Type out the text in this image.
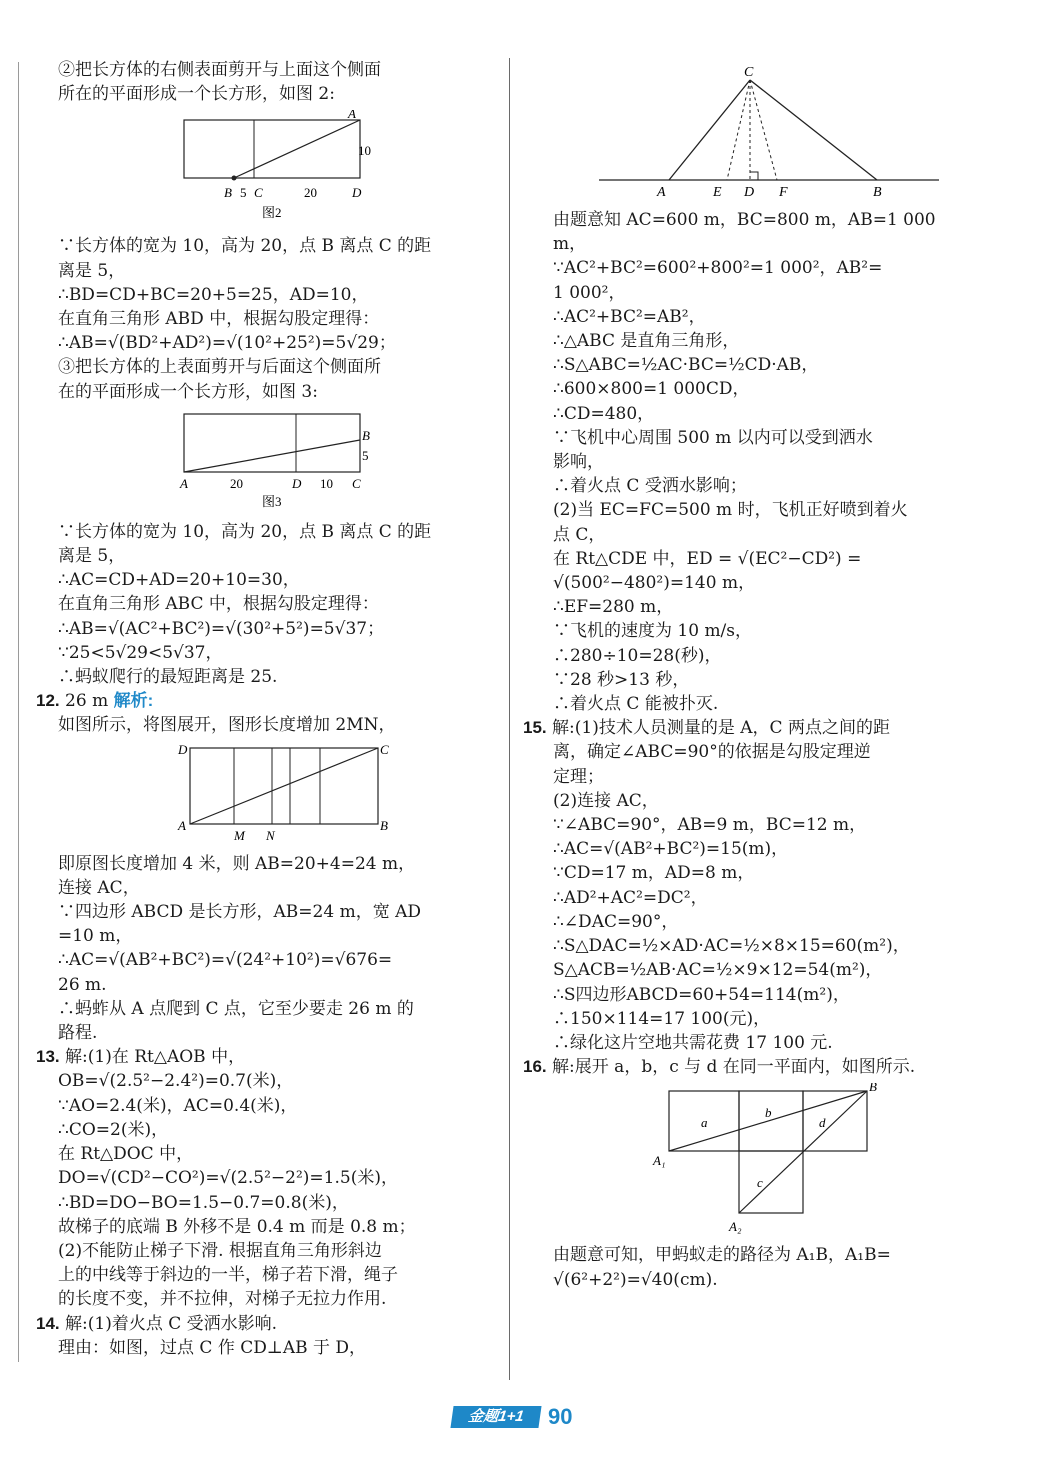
②把长方体的右侧表面剪开与上面这个侧面
所在的平面形成一个长方形，如图 2:
A
10
B 5 C	20	D
图2
∵长方体的宽为 10，高为 20，点 B 离点 C 的距
离是 5，
∴BD=CD+BC=20+5=25，AD=10，
在直角三角形 ABD 中，根据勾股定理得：
∴AB=√(BD²+AD²)=√(10²+25²)=5√29；
③把长方体的上表面剪开与后面这个侧面所
在的平面形成一个长方形，如图 3:
B
5
A	20	D 10 C
图3
∵长方体的宽为 10，高为 20，点 B 离点 C 的距
离是 5，
∴AC=CD+AD=20+10=30，
在直角三角形 ABC 中，根据勾股定理得：
∴AB=√(AC²+BC²)=√(30²+5²)=5√37；
∵25<5√29<5√37，
∴蚂蚁爬行的最短距离是 25.
12. 26 m 解析:
如图所示，将图展开，图形长度增加 2MN，
D	C
A
M N
B
即原图长度增加 4 米，则 AB=20+4=24 m，
连接 AC，
∵四边形 ABCD 是长方形，AB=24 m，宽 AD
=10 m，
∴AC=√(AB²+BC²)=√(24²+10²)=√676=
26 m.
∴蚂蚱从 A 点爬到 C 点，它至少要走 26 m 的
路程.
13. 解:(1)在 Rt△AOB 中，
OB=√(2.5²−2.4²)=0.7(米)，
∵AO=2.4(米)，AC=0.4(米)，
∴CO=2(米)，
在 Rt△DOC 中，
DO=√(CD²−CO²)=√(2.5²−2²)=1.5(米)，
∴BD=DO−BO=1.5−0.7=0.8(米)，
故梯子的底端 B 外移不是 0.4 m 而是 0.8 m；
(2)不能防止梯子下滑. 根据直角三角形斜边
上的中线等于斜边的一半，梯子若下滑，绳子
的长度不变，并不拉伸，对梯子无拉力作用.
14. 解:(1)着火点 C 受洒水影响.
理由：如图，过点 C 作 CD⊥AB 于 D，
C
A	E D F	B
由题意知 AC=600 m，BC=800 m，AB=1 000
m，
∵AC²+BC²=600²+800²=1 000²，AB²=
1 000²，
∴AC²+BC²=AB²，
∴△ABC 是直角三角形，
∴S△ABC=½AC·BC=½CD·AB，
∴600×800=1 000CD，
∴CD=480，
∵飞机中心周围 500 m 以内可以受到洒水
影响，
∴着火点 C 受洒水影响；
(2)当 EC=FC=500 m 时，飞机正好喷到着火
点 C，
在 Rt△CDE 中，ED = √(EC²−CD²) =
√(500²−480²)=140 m，
∴EF=280 m，
∵飞机的速度为 10 m/s，
∴280÷10=28(秒)，
∵28 秒>13 秒，
∴着火点 C 能被扑灭.
15. 解:(1)技术人员测量的是 A，C 两点之间的距
离，确定∠ABC=90°的依据是勾股定理逆
定理；
(2)连接 AC，
∵∠ABC=90°，AB=9 m，BC=12 m，
∴AC=√(AB²+BC²)=15(m)，
∵CD=17 m，AD=8 m，
∴AD²+AC²=DC²，
∴∠DAC=90°，
∴S△DAC=½×AD·AC=½×8×15=60(m²)，
S△ACB=½AB·AC=½×9×12=54(m²)，
∴S四边形ABCD=60+54=114(m²)，
∴150×114=17 100(元)，
∴绿化这片空地共需花费 17 100 元.
16. 解:展开 a，b，c 与 d 在同一平面内，如图所示.
B
a
b
d
A₁
c
A₂
由题意可知，甲蚂蚁走的路径为 A₁B，A₁B=
√(6²+2²)=√40(cm).
金题1+1	90
